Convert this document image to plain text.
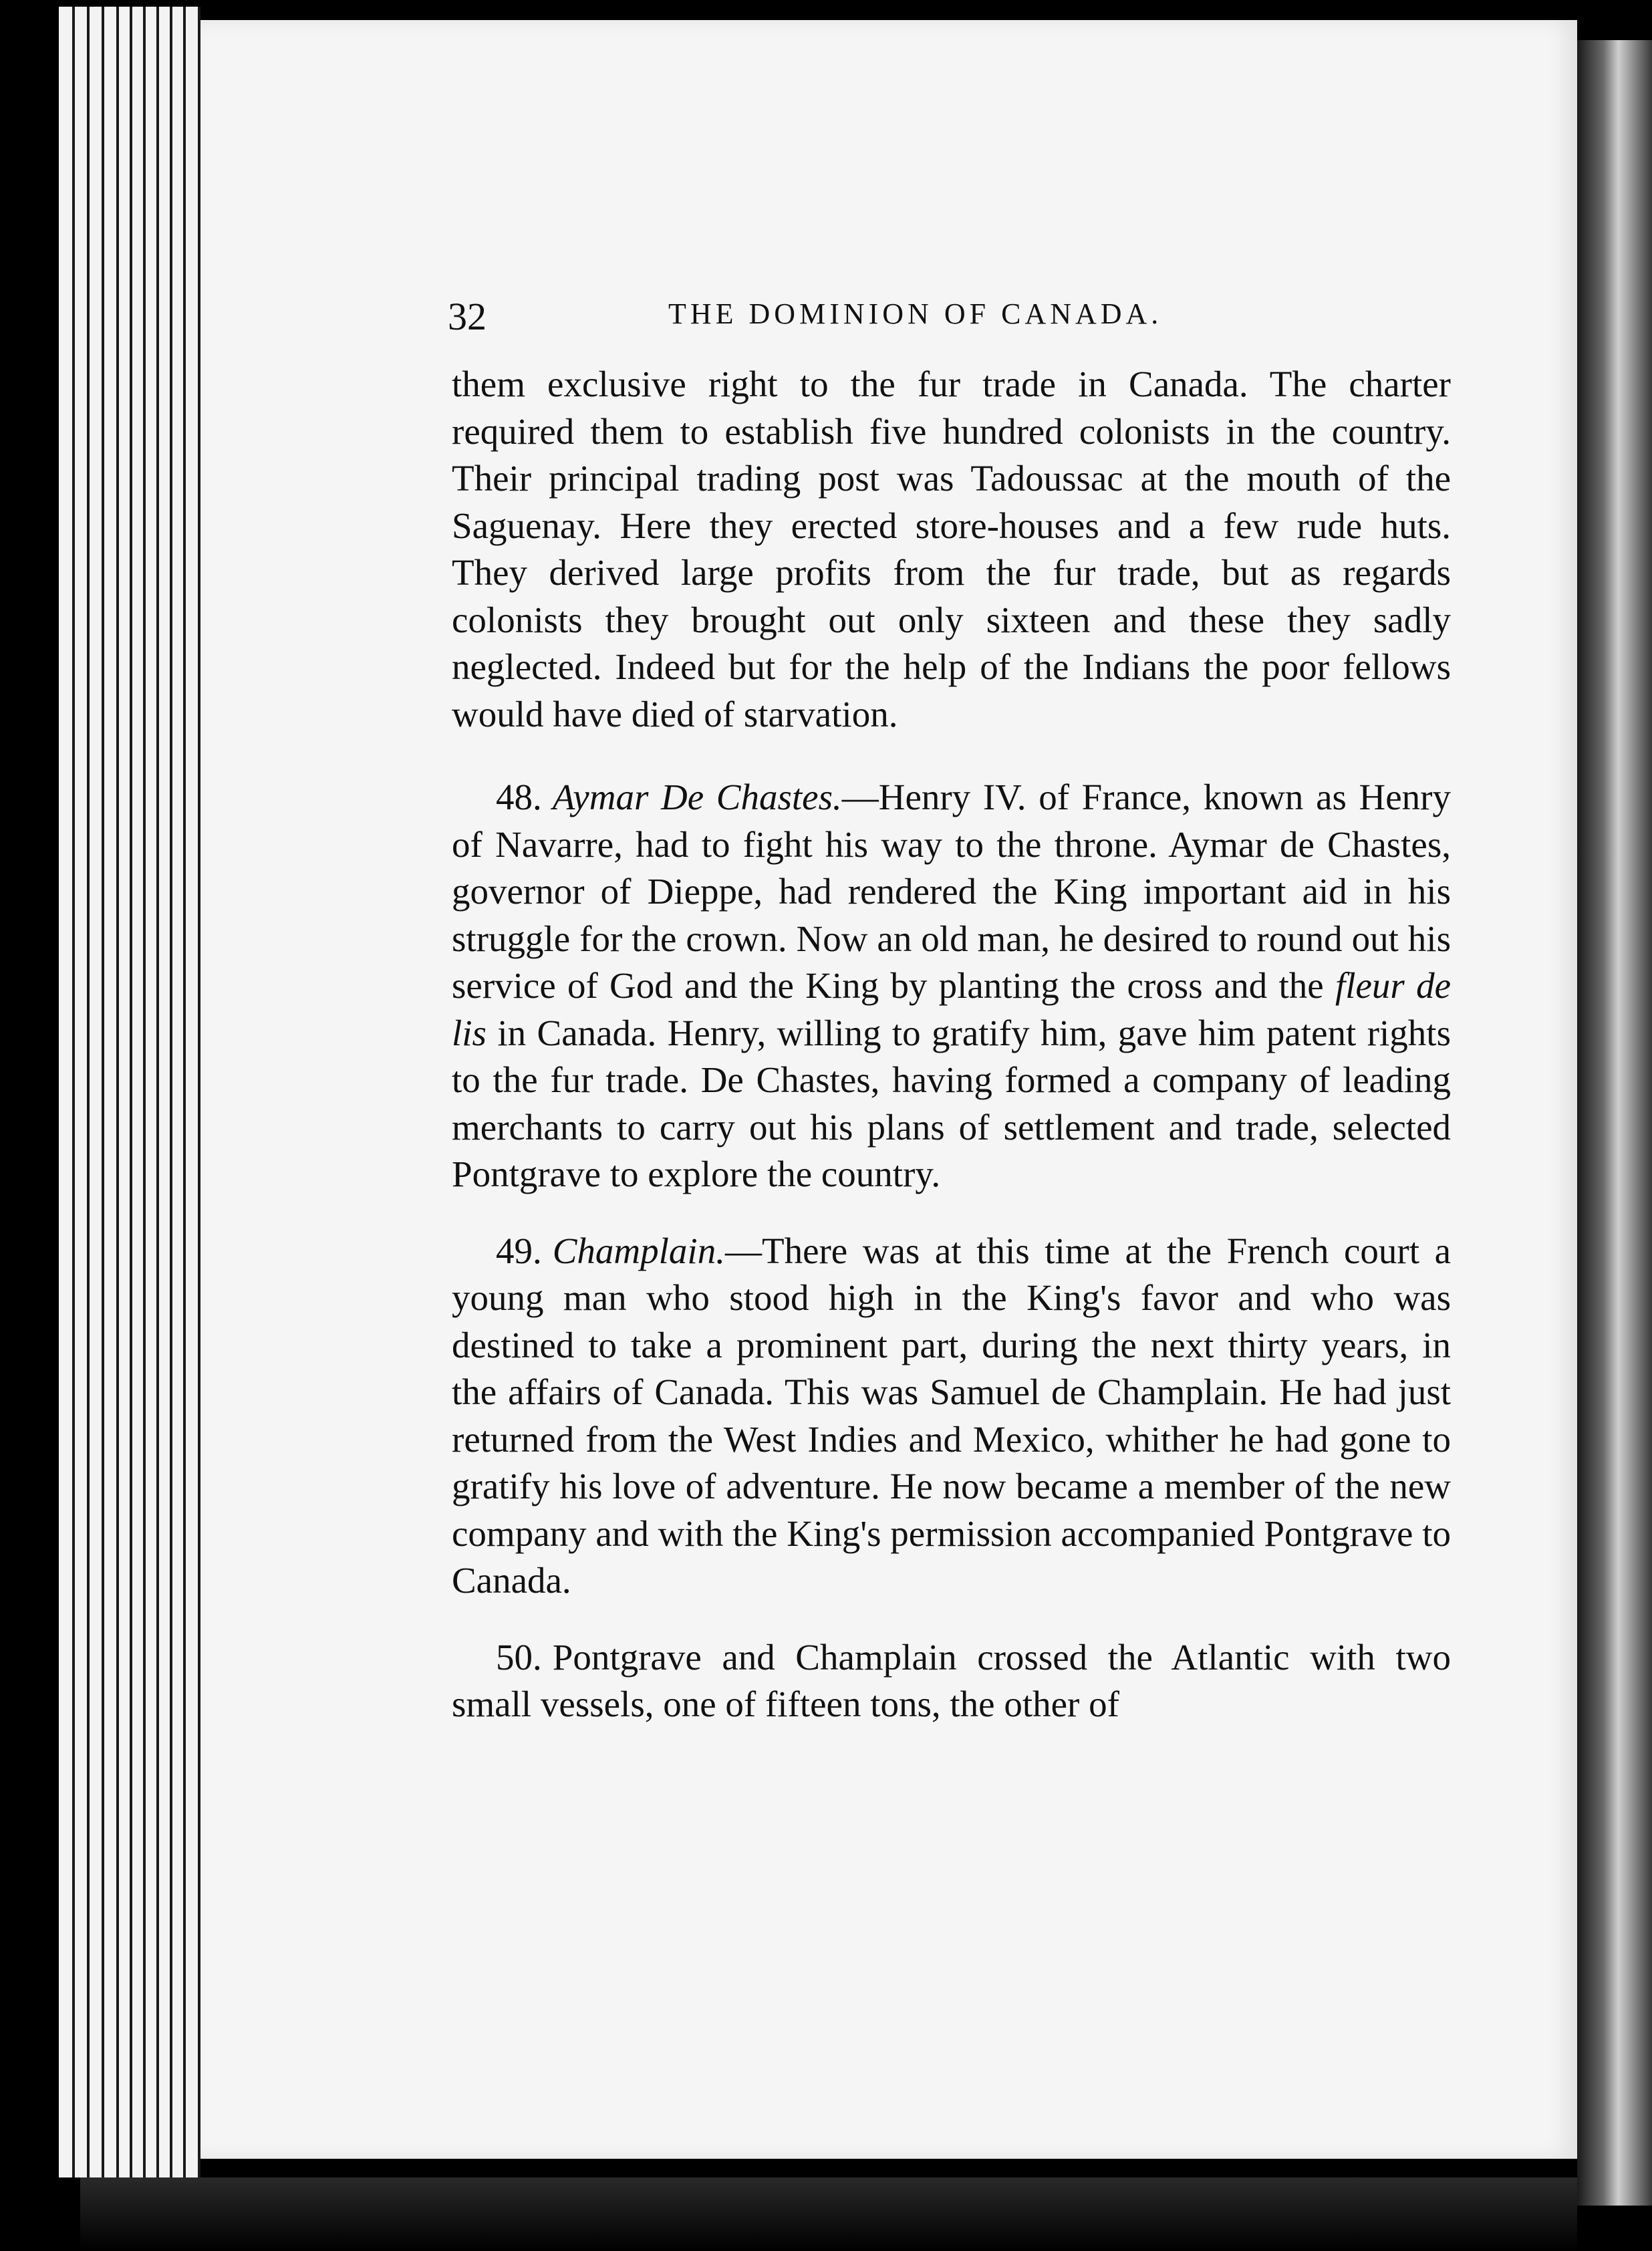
32	THE DOMINION OF CANADA.

them exclusive right to the fur trade in Canada. The charter required them to establish five hundred colonists in the country. Their principal trading post was Tadoussac at the mouth of the Saguenay. Here they erected store-houses and a few rude huts. They derived large profits from the fur trade, but as regards colonists they brought out only sixteen and these they sadly neglected. Indeed but for the help of the Indians the poor fellows would have died of starvation.

48. Aymar De Chastes.—Henry IV. of France, known as Henry of Navarre, had to fight his way to the throne. Aymar de Chastes, governor of Dieppe, had rendered the King important aid in his struggle for the crown. Now an old man, he desired to round out his service of God and the King by planting the cross and the fleur de lis in Canada. Henry, willing to gratify him, gave him patent rights to the fur trade. De Chastes, having formed a company of leading merchants to carry out his plans of settlement and trade, selected Pontgrave to explore the country.

49. Champlain.—There was at this time at the French court a young man who stood high in the King's favor and who was destined to take a prominent part, during the next thirty years, in the affairs of Canada. This was Samuel de Champlain. He had just returned from the West Indies and Mexico, whither he had gone to gratify his love of adventure. He now became a member of the new company and with the King's permission accompanied Pontgrave to Canada.

50. Pontgrave and Champlain crossed the Atlantic with two small vessels, one of fifteen tons, the other of
